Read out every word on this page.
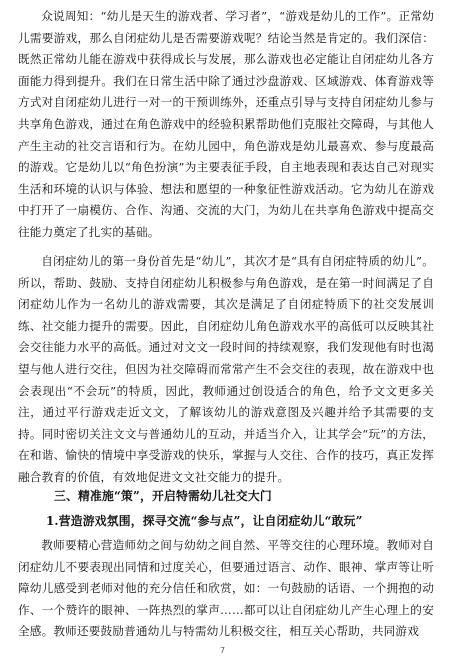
众说周知：“幼儿是天生的游戏者、学习者”，“游戏是幼儿的工作”。正常幼儿需要游戏，那么自闭症幼儿是否需要游戏呢？结论当然是肯定的。我们深信：既然正常幼儿能在游戏中获得成长与发展，那么游戏也必定能让自闭症幼儿各方面能力得到提升。我们在日常生活中除了通过沙盘游戏、区域游戏、体育游戏等方式对自闭症幼儿进行一对一的干预训练外，还重点引导与支持自闭症幼儿参与共享角色游戏，通过在角色游戏中的经验积累帮助他们克服社交障碍，与其他人产生主动的社交言语和行为。在幼儿园中，角色游戏是幼儿最喜欢、参与度最高的游戏。它是幼儿以“角色扮演”为主要表征手段，自主地表现和表达自己对现实生活和环境的认识与体验、想法和愿望的一种象征性游戏活动。它为幼儿在游戏中打开了一扇模仿、合作、沟通、交流的大门，为幼儿在共享角色游戏中提高交往能力奠定了扎实的基础。

自闭症幼儿的第一身份首先是“幼儿”，其次才是“具有自闭症特质的幼儿”。所以，帮助、鼓励、支持自闭症幼儿积极参与角色游戏，是在第一时间满足了自闭症幼儿作为一名幼儿的游戏需要，其次是满足了自闭症特质下的社交发展训练、社交能力提升的需要。因此，自闭症幼儿角色游戏水平的高低可以反映其社会交往能力水平的高低。通过对文文一段时间的持续观察，我们发现他有时也渴望与他人进行交往，但因为社交障碍而常常产生不会交往的表现，故在游戏中也会表现出“不会玩”的特质，因此，教师通过创设适合的角色，给予文文更多关注，通过平行游戏走近文文，了解该幼儿的游戏意图及兴趣并给予其需要的支持。同时密切关注文文与普通幼儿的互动，并适当介入，让其学会“玩”的方法，在和谐、愉快的情境中享受游戏的快乐，掌握与人交往、合作的技巧，真正发挥融合教育的价值，有效地促进文文社交能力的提升。

三、精准施“策”，开启特需幼儿社交大门
1.营造游戏氛围，探寻交流“参与点”，让自闭症幼儿“敢玩”

教师要精心营造师幼之间与幼幼之间自然、平等交往的心理环境。教师对自闭症幼儿不要表现出同情和过度关心，但要通过语言、动作、眼神、掌声等让听障幼儿感受到老师对他的充分信任和欣赏，如：一句鼓励的话语、一个拥抱的动作、一个赞许的眼神、一阵热烈的掌声……都可以让自闭症幼儿产生心理上的安全感。教师还要鼓励普通幼儿与特需幼儿积极交往，相互关心帮助，共同游戏

7
